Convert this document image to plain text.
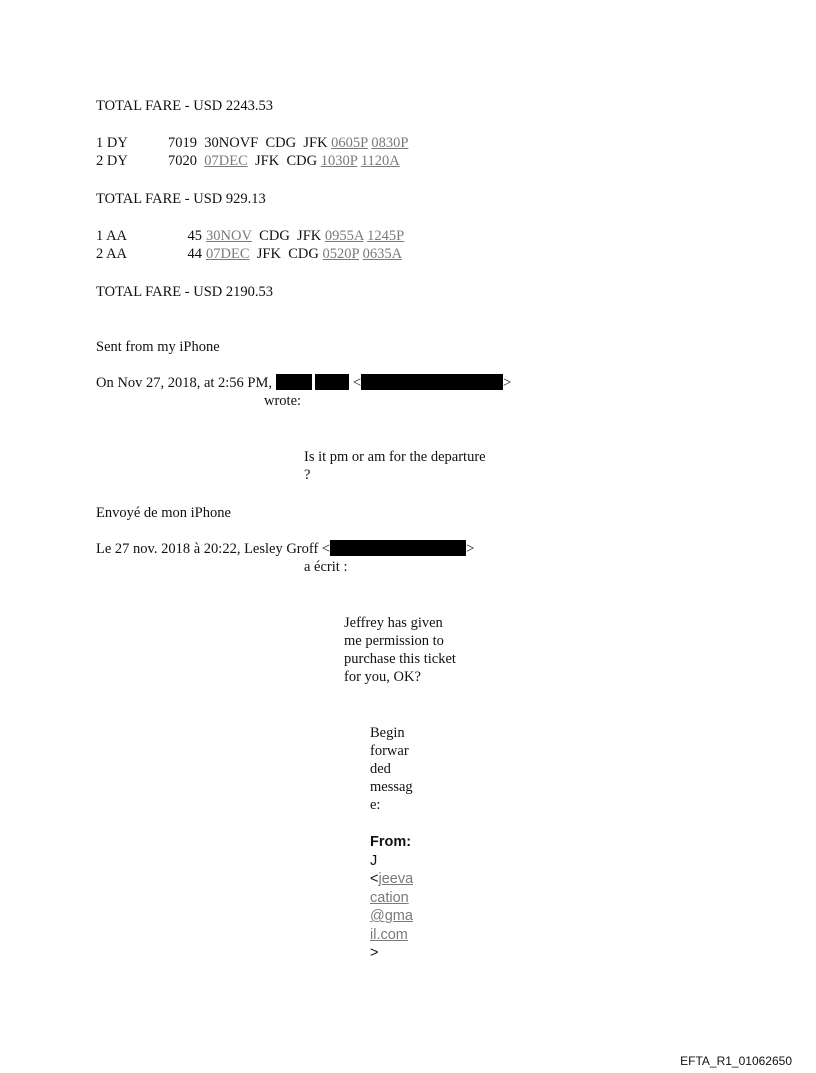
TOTAL FARE - USD 2243.53
1 DY	7019 30NOVF CDG JFK 0605P 0830P
2 DY	7020 07DEC JFK CDG 1030P 1120A
TOTAL FARE - USD 929.13
1 AA	45 30NOV CDG JFK 0955A 1245P
2 AA	44 07DEC JFK CDG 0520P 0635A
TOTAL FARE - USD 2190.53
Sent from my iPhone
On Nov 27, 2018, at 2:56 PM,	<	>
wrote:
Is it pm or am for the departure
?
Envoyé de mon iPhone
Le 27 nov. 2018 à 20:22, Lesley Groff <	>
a écrit :
Jeffrey has given
me permission to
purchase this ticket
for you, OK?
Begin
forwar
ded
messag
e:
From:
J
<jeeva
cation
@gma
il.com
>
EFTA_R1_01062650
